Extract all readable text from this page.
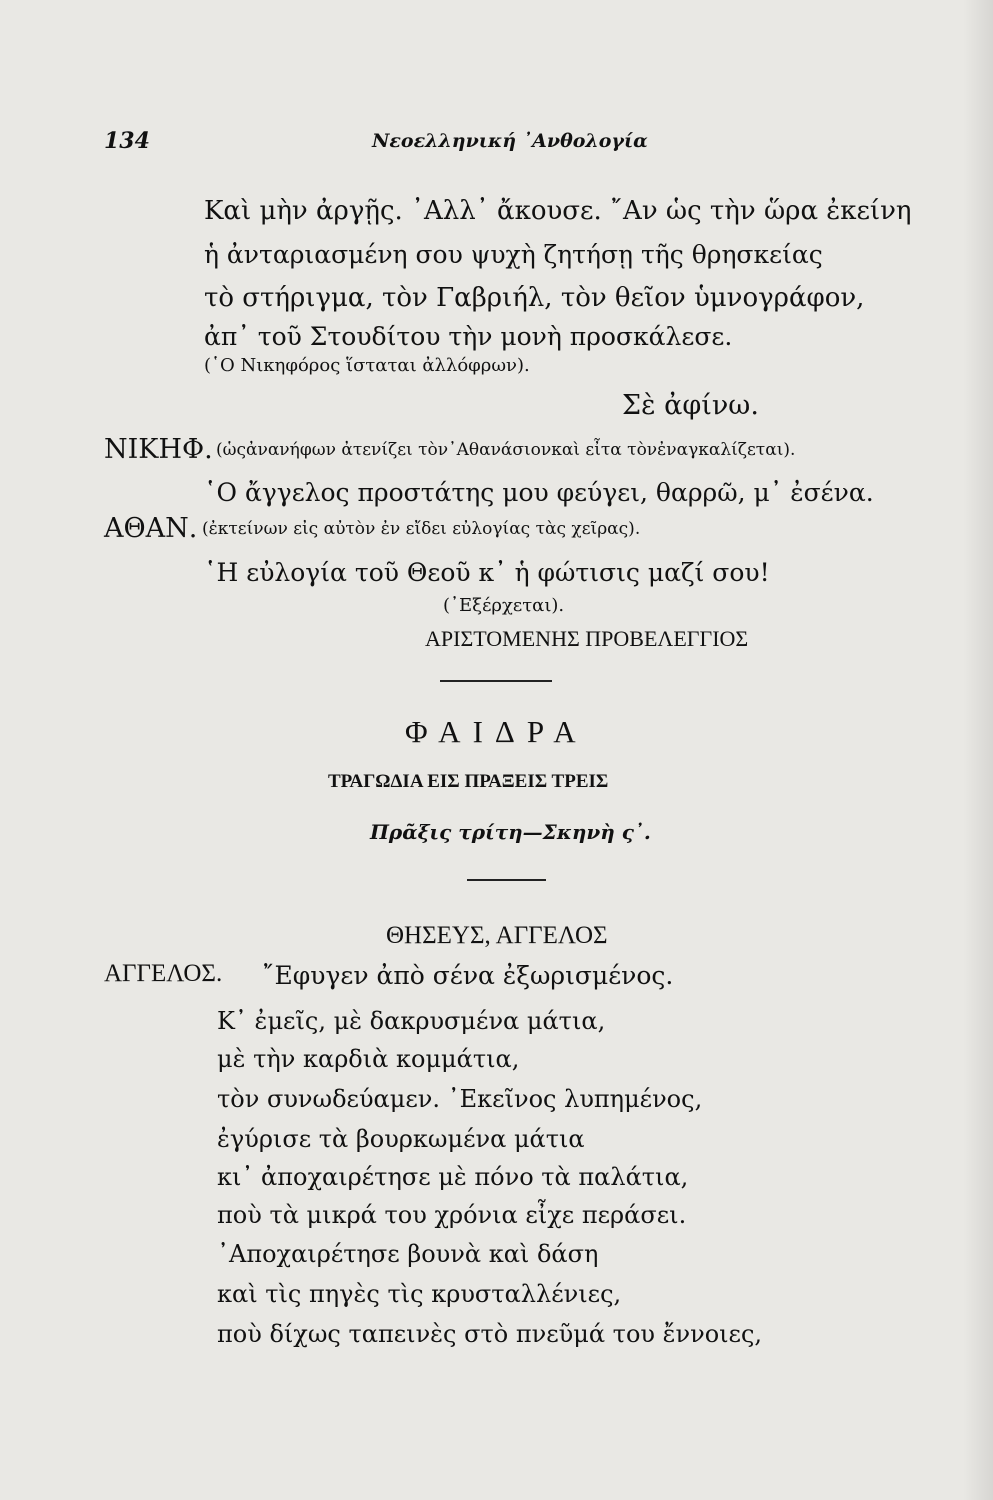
134	Νεοελληνική ᾽Ανθολογία
Καὶ μὴν ἀργῇς. ᾽Αλλ᾽ ἄκουσε. ῎Αν ὡς τὴν ὥρα ἐκείνη
ἡ ἀνταριασμένη σου ψυχὴ ζητήσῃ τῆς θρησκείας
τὸ στήριγμα, τὸν Γαβριήλ, τὸν θεῖον ὑμνογράφον,
ἀπ᾽ τοῦ Στουδίτου τὴν μονὴ προσκάλεσε.
(῾Ο Νικηφόρος ἵσταται ἀλλόφρων).
Σὲ ἀφίνω.
ΝΙΚΗΦ. (ὡςἀνανήφων ἀτενίζει τὸν᾽Αθανάσιονκαὶ εἶτα τὸνἐναγκαλίζεται).
῾Ο ἄγγελος προστάτης μου φεύγει, θαρρῶ, μ᾽ ἐσένα.
ΑΘΑΝ. (ἐκτείνων εἰς αὐτὸν ἐν εἴδει εὐλογίας τὰς χεῖρας).
῾Η εὐλογία τοῦ Θεοῦ κ᾽ ἡ φώτισις μαζί σου!
(᾽Εξέρχεται).
ΑΡΙΣΤΟΜΕΝΗΣ ΠΡΟΒΕΛΕΓΓΙΟΣ
ΦΑΙΔΡΑ
ΤΡΑΓΩΔΙΑ ΕΙΣ ΠΡΑΞΕΙΣ ΤΡΕΙΣ
Πρᾶξις τρίτη—Σκηνὴ ς᾽.
ΘΗΣΕΥΣ, ΑΓΓΕΛΟΣ
ΑΓΓΕΛΟΣ. ῎Εφυγεν ἀπὸ σένα ἐξωρισμένος.
Κ᾽ ἐμεῖς, μὲ δακρυσμένα μάτια,
μὲ τὴν καρδιὰ κομμάτια,
τὸν συνωδεύαμεν. ᾽Εκεῖνος λυπημένος,
ἐγύρισε τὰ βουρκωμένα μάτια
κι᾽ ἀποχαιρέτησε μὲ πόνο τὰ παλάτια,
ποὺ τὰ μικρά του χρόνια εἶχε περάσει.
᾽Αποχαιρέτησε βουνὰ καὶ δάση
καὶ τὶς πηγὲς τὶς κρυσταλλένιες,
ποὺ δίχως ταπεινὲς στὸ πνεῦμά του ἔννοιες,
